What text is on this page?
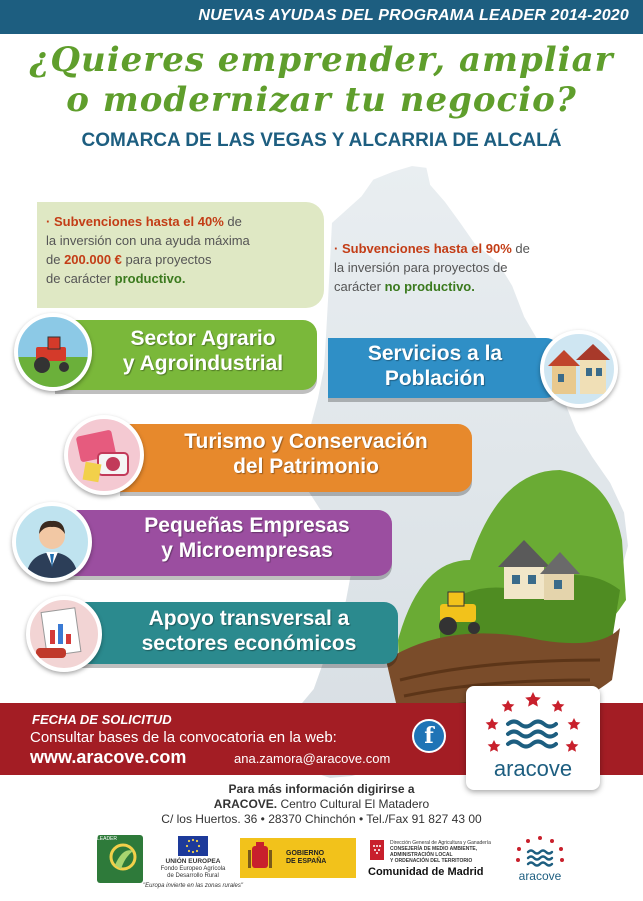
NUEVAS AYUDAS DEL PROGRAMA LEADER 2014-2020
¿Quieres emprender, ampliar
o modernizar tu negocio?
COMARCA DE LAS VEGAS Y ALCARRIA DE ALCALÁ
· Subvenciones hasta el 40% de
la inversión con una ayuda máxima
de 200.000 € para proyectos
de carácter productivo.
· Subvenciones hasta el 90% de
la inversión para proyectos de
carácter no productivo.
Sector Agrario
y Agroindustrial	Servicios a la
Población
Turismo y Conservación
del Patrimonio
Pequeñas Empresas
y Microempresas
Apoyo transversal a
sectores económicos
FECHA DE SOLICITUD
Consultar bases de la convocatoria en la web:
www.aracove.com	ana.zamora@aracove.com
f
aracove
Para más información digirirse a
ARACOVE. Centro Cultural El Matadero
C/ los Huertos. 36 • 28370 Chinchón • Tel./Fax 91 827 43 00
LEADER
UNIÓN EUROPEA
Fondo Europeo Agrícola
de Desarrollo Rural
"Europa invierte en las zonas rurales"
GOBIERNO
DE ESPAÑA
Dirección General de Agricultura y Ganadería
CONSEJERÍA DE MEDIO AMBIENTE,
ADMINISTRACIÓN LOCAL
Y ORDENACIÓN DEL TERRITORIO
Comunidad de Madrid	aracove
